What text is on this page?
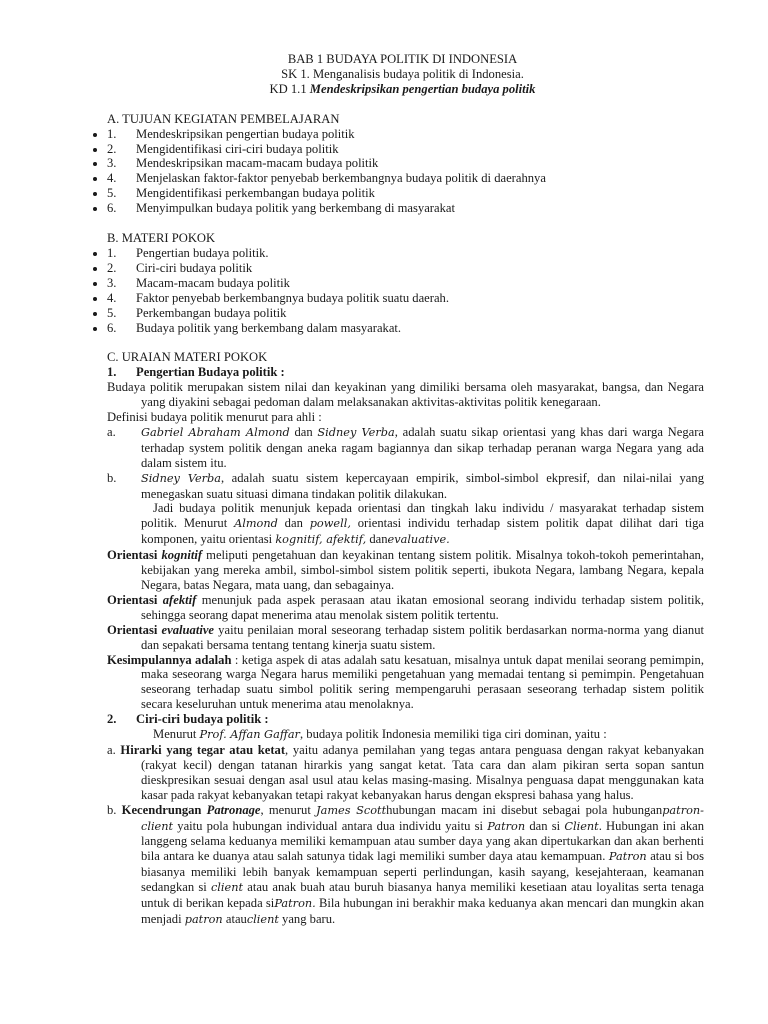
BAB 1 BUDAYA POLITIK DI INDONESIA
SK 1. Menganalisis budaya politik di Indonesia.
KD 1.1 Mendeskripsikan pengertian budaya politik
A. TUJUAN KEGIATAN PEMBELAJARAN
• 1. Mendeskripsikan pengertian budaya politik
• 2. Mengidentifikasi ciri-ciri budaya politik
• 3. Mendeskripsikan macam-macam budaya politik
• 4. Menjelaskan faktor-faktor penyebab berkembangnya budaya politik di daerahnya
• 5. Mengidentifikasi perkembangan budaya politik
• 6. Menyimpulkan budaya politik yang berkembang di masyarakat
B. MATERI POKOK
• 1. Pengertian budaya politik.
• 2. Ciri-ciri budaya politik
• 3. Macam-macam budaya politik
• 4. Faktor penyebab berkembangnya budaya politik suatu daerah.
• 5. Perkembangan budaya politik
• 6. Budaya politik yang berkembang dalam masyarakat.
C. URAIAN MATERI POKOK
1. Pengertian Budaya politik :

Budaya politik merupakan sistem nilai dan keyakinan yang dimiliki bersama oleh masyarakat, bangsa, dan Negara yang diyakini sebagai pedoman dalam melaksanakan aktivitas-aktivitas politik kenegaraan.

Definisi budaya politik menurut para ahli :

a. Gabriel Abraham Almond dan Sidney Verba, adalah suatu sikap orientasi yang khas dari warga Negara terhadap system politik dengan aneka ragam bagiannya dan sikap terhadap peranan warga Negara yang ada dalam sistem itu.

b. Sidney Verba, adalah suatu sistem kepercayaan empirik, simbol-simbol ekpresif, dan nilai-nilai yang menegaskan suatu situasi dimana tindakan politik dilakukan.

Jadi budaya politik menunjuk kepada orientasi dan tingkah laku individu / masyarakat terhadap sistem politik. Menurut Almond dan powell, orientasi individu terhadap sistem politik dapat dilihat dari tiga komponen, yaitu orientasi kognitif, afektif, danevaluative.

Orientasi kognitif meliputi pengetahuan dan keyakinan tentang sistem politik. Misalnya tokoh-tokoh pemerintahan, kebijakan yang mereka ambil, simbol-simbol sistem politik seperti, ibukota Negara, lambang Negara, kepala Negara, batas Negara, mata uang, dan sebagainya.

Orientasi afektif menunjuk pada aspek perasaan atau ikatan emosional seorang individu terhadap sistem politik, sehingga seorang dapat menerima atau menolak sistem politik tertentu.

Orientasi evaluative yaitu penilaian moral seseorang terhadap sistem politik berdasarkan norma-norma yang dianut dan sepakati bersama tentang tentang kinerja suatu sistem.

Kesimpulannya adalah : ketiga aspek di atas adalah satu kesatuan, misalnya untuk dapat menilai seorang pemimpin, maka seseorang warga Negara harus memiliki pengetahuan yang memadai tentang si pemimpin. Pengetahuan seseorang terhadap suatu simbol politik sering mempengaruhi perasaan seseorang terhadap sistem politik secara keseluruhan untuk menerima atau menolaknya.

2. Ciri-ciri budaya politik :

Menurut Prof. Affan Gaffar, budaya politik Indonesia memiliki tiga ciri dominan, yaitu :

a. Hirarki yang tegar atau ketat, yaitu adanya pemilahan yang tegas antara penguasa dengan rakyat kebanyakan (rakyat kecil) dengan tatanan hirarkis yang sangat ketat. Tata cara dan alam pikiran serta sopan santun dieskpresikan sesuai dengan asal usul atau kelas masing-masing. Misalnya penguasa dapat menggunakan kata kasar pada rakyat kebanyakan tetapi rakyat kebanyakan harus dengan ekspresi bahasa yang halus.

b. Kecendrungan Patronage, menurut James Scotthubungan macam ini disebut sebagai pola hubunganpatron- client yaitu pola hubungan individual antara dua individu yaitu si Patron dan si Client. Hubungan ini akan langgeng selama keduanya memiliki kemampuan atau sumber daya yang akan dipertukarkan dan akan berhenti bila antara ke duanya atau salah satunya tidak lagi memiliki sumber daya atau kemampuan. Patron atau si bos biasanya memiliki lebih banyak kemampuan seperti perlindungan, kasih sayang, kesejahteraan, keamanan sedangkan si client atau anak buah atau buruh biasanya hanya memiliki kesetiaan atau loyalitas serta tenaga untuk di berikan kepada siPatron. Bila hubungan ini berakhir maka keduanya akan mencari dan mungkin akan menjadi patron atauclient yang baru.
